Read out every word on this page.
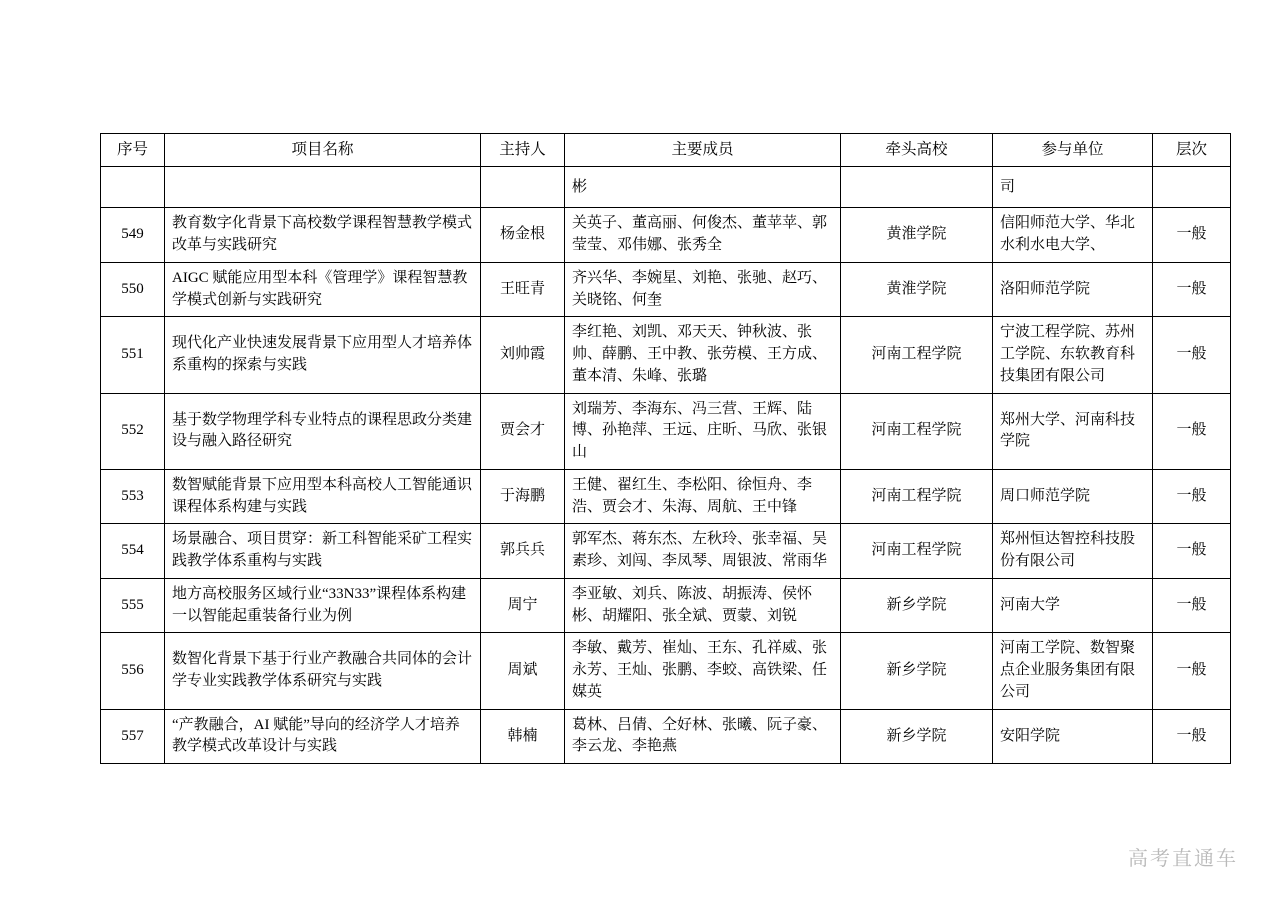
序号	项目名称	主持人	主要成员	牵头高校	参与单位	层次
			彬		司	
549	教育数字化背景下高校数学课程智慧教学模式改革与实践研究	杨金根	关英子、董高丽、何俊杰、董苹苹、郭莹莹、邓伟娜、张秀全	黄淮学院	信阳师范大学、华北水利水电大学、	一般
550	AIGC 赋能应用型本科《管理学》课程智慧教学模式创新与实践研究	王旺青	齐兴华、李婉星、刘艳、张驰、赵巧、关晓铭、何奎	黄淮学院	洛阳师范学院	一般
551	现代化产业快速发展背景下应用型人才培养体系重构的探索与实践	刘帅霞	李红艳、刘凯、邓天天、钟秋波、张帅、薛鹏、王中教、张劳模、王方成、董本清、朱峰、张璐	河南工程学院	宁波工程学院、苏州工学院、东软教育科技集团有限公司	一般
552	基于数学物理学科专业特点的课程思政分类建设与融入路径研究	贾会才	刘瑞芳、李海东、冯三营、王辉、陆博、孙艳萍、王远、庄昕、马欣、张银山	河南工程学院	郑州大学、河南科技学院	一般
553	数智赋能背景下应用型本科高校人工智能通识课程体系构建与实践	于海鹏	王健、翟红生、李松阳、徐恒舟、李浩、贾会才、朱海、周航、王中锋	河南工程学院	周口师范学院	一般
554	场景融合、项目贯穿：新工科智能采矿工程实践教学体系重构与实践	郭兵兵	郭军杰、蒋东杰、左秋玲、张幸福、吴素珍、刘闯、李凤琴、周银波、常雨华	河南工程学院	郑州恒达智控科技股份有限公司	一般
555	地方高校服务区域行业“33N33”课程体系构建一以智能起重装备行业为例	周宁	李亚敏、刘兵、陈波、胡振涛、侯怀彬、胡耀阳、张全斌、贾蒙、刘锐	新乡学院	河南大学	一般
556	数智化背景下基于行业产教融合共同体的会计学专业实践教学体系研究与实践	周斌	李敏、戴芳、崔灿、王东、孔祥威、张永芳、王灿、张鹏、李蛟、高铁梁、任媒英	新乡学院	河南工学院、数智聚点企业服务集团有限公司	一般
557	“产教融合，AI 赋能”导向的经济学人才培养教学模式改革设计与实践	韩楠	葛林、吕倩、仝好林、张曦、阮子豪、李云龙、李艳燕	新乡学院	安阳学院	一般
高考直通车
